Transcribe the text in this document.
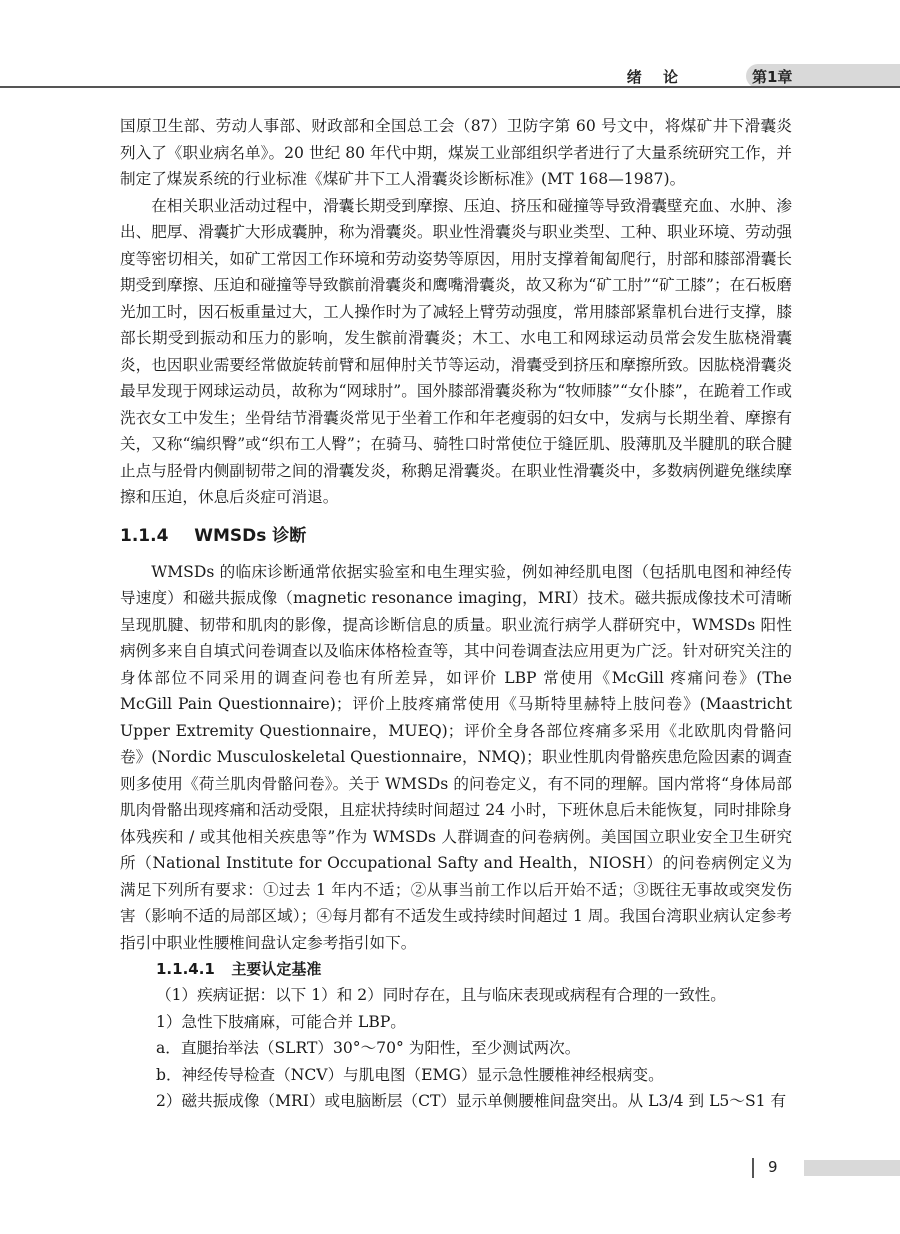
绪 论	第1章

国原卫生部、劳动人事部、财政部和全国总工会（87）卫防字第 60 号文中，将煤矿井下滑囊炎列入了《职业病名单》。20 世纪 80 年代中期，煤炭工业部组织学者进行了大量系统研究工作，并制定了煤炭系统的行业标准《煤矿井下工人滑囊炎诊断标准》(MT 168—1987)。

在相关职业活动过程中，滑囊长期受到摩擦、压迫、挤压和碰撞等导致滑囊壁充血、水肿、渗出、肥厚、滑囊扩大形成囊肿，称为滑囊炎。职业性滑囊炎与职业类型、工种、职业环境、劳动强度等密切相关，如矿工常因工作环境和劳动姿势等原因，用肘支撑着匍匐爬行，肘部和膝部滑囊长期受到摩擦、压迫和碰撞等导致髌前滑囊炎和鹰嘴滑囊炎，故又称为“矿工肘”“矿工膝”；在石板磨光加工时，因石板重量过大，工人操作时为了减轻上臂劳动强度，常用膝部紧靠机台进行支撑，膝部长期受到振动和压力的影响，发生髌前滑囊炎；木工、水电工和网球运动员常会发生肱桡滑囊炎，也因职业需要经常做旋转前臂和屈伸肘关节等运动，滑囊受到挤压和摩擦所致。因肱桡滑囊炎最早发现于网球运动员，故称为“网球肘”。国外膝部滑囊炎称为“牧师膝”“女仆膝”，在跪着工作或洗衣女工中发生；坐骨结节滑囊炎常见于坐着工作和年老瘦弱的妇女中，发病与长期坐着、摩擦有关，又称“编织臀”或“织布工人臀”；在骑马、骑牲口时常使位于缝匠肌、股薄肌及半腱肌的联合腱止点与胫骨内侧副韧带之间的滑囊发炎，称鹅足滑囊炎。在职业性滑囊炎中，多数病例避免继续摩擦和压迫，休息后炎症可消退。

1.1.4 WMSDs 诊断

WMSDs 的临床诊断通常依据实验室和电生理实验，例如神经肌电图（包括肌电图和神经传导速度）和磁共振成像（magnetic resonance imaging，MRI）技术。磁共振成像技术可清晰呈现肌腱、韧带和肌肉的影像，提高诊断信息的质量。职业流行病学人群研究中，WMSDs 阳性病例多来自自填式问卷调查以及临床体格检查等，其中问卷调查法应用更为广泛。针对研究关注的身体部位不同采用的调查问卷也有所差异，如评价 LBP 常使用《McGill 疼痛问卷》(The McGill Pain Questionnaire)；评价上肢疼痛常使用《马斯特里赫特上肢问卷》(Maastricht Upper Extremity Questionnaire，MUEQ)；评价全身各部位疼痛多采用《北欧肌肉骨骼问卷》(Nordic Musculoskeletal Questionnaire，NMQ)；职业性肌肉骨骼疾患危险因素的调查则多使用《荷兰肌肉骨骼问卷》。关于 WMSDs 的问卷定义，有不同的理解。国内常将“身体局部肌肉骨骼出现疼痛和活动受限，且症状持续时间超过 24 小时，下班休息后未能恢复，同时排除身体残疾和 / 或其他相关疾患等”作为 WMSDs 人群调查的问卷病例。美国国立职业安全卫生研究所（National Institute for Occupational Safty and Health，NIOSH）的问卷病例定义为满足下列所有要求：①过去 1 年内不适；②从事当前工作以后开始不适；③既往无事故或突发伤害（影响不适的局部区域）；④每月都有不适发生或持续时间超过 1 周。我国台湾职业病认定参考指引中职业性腰椎间盘认定参考指引如下。

1.1.4.1 主要认定基准

（1）疾病证据：以下 1）和 2）同时存在，且与临床表现或病程有合理的一致性。

1）急性下肢痛麻，可能合并 LBP。

a．直腿抬举法（SLRT）30°～70° 为阳性，至少测试两次。

b．神经传导检查（NCV）与肌电图（EMG）显示急性腰椎神经根病变。

2）磁共振成像（MRI）或电脑断层（CT）显示单侧腰椎间盘突出。从 L3/4 到 L5～S1 有

9
